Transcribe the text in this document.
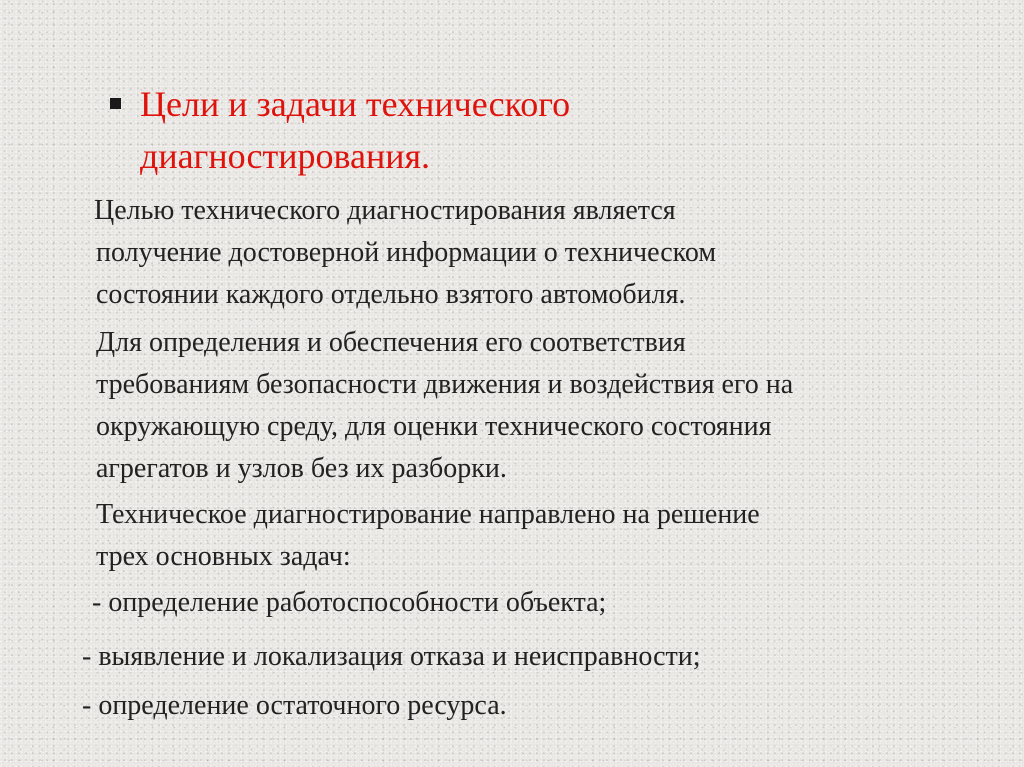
Цели и задачи технического
диагностирования.

Целью технического диагностирования является
получение достоверной информации о техническом
состоянии каждого отдельно взятого автомобиля.

Для определения и обеспечения его соответствия
требованиям безопасности движения и воздействия его на
окружающую среду, для оценки технического состояния
агрегатов и узлов без их разборки.

Техническое диагностирование направлено на решение
трех основных задач:

- определение работоспособности объекта;

- выявление и локализация отказа и неисправности;

- определение остаточного ресурса.
